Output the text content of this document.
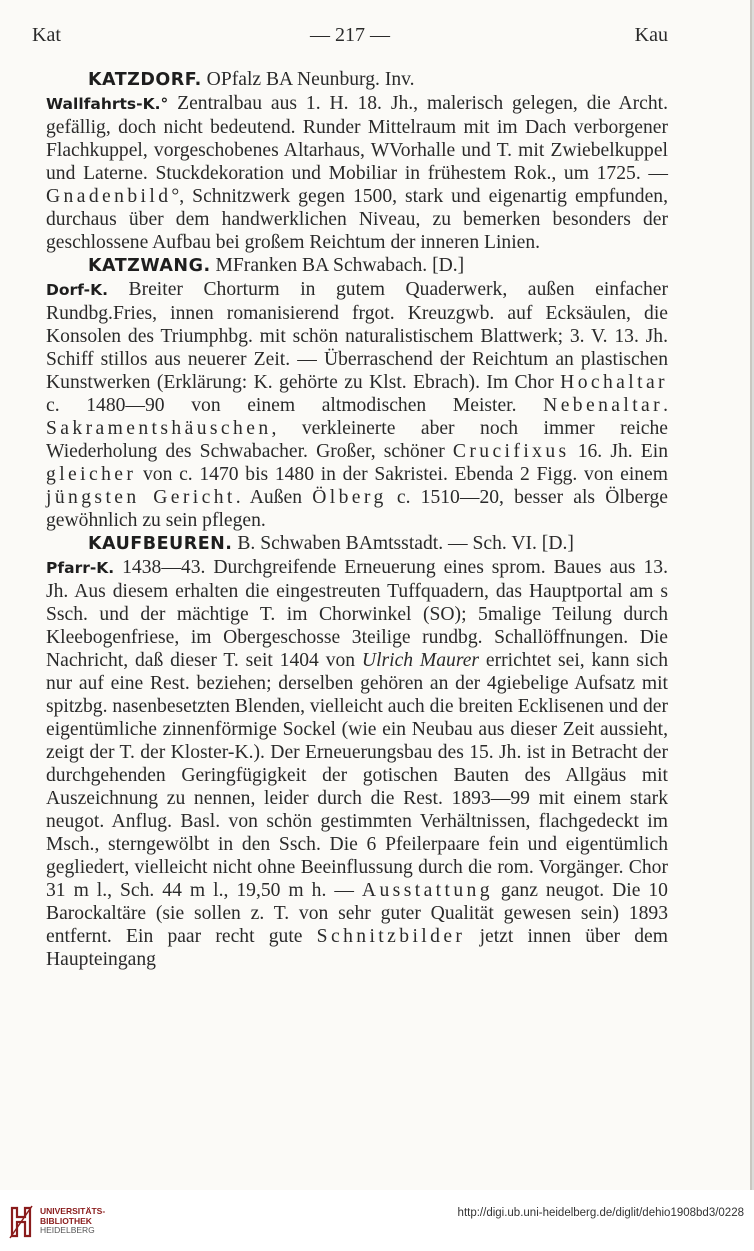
Kat	— 217 —	Kau

KATZDORF. OPfalz BA Neunburg. Inv.

Wallfahrts-K.° Zentralbau aus 1. H. 18. Jh., malerisch gelegen, die Archt. gefällig, doch nicht bedeutend. Runder Mittelraum mit im Dach verborgener Flachkuppel, vorgeschobenes Altarhaus, WVorhalle und T. mit Zwiebelkuppel und Laterne. Stuckdekoration und Mobiliar in frühestem Rok., um 1725. — Gnadenbild°, Schnitzwerk gegen 1500, stark und eigenartig empfunden, durchaus über dem handwerklichen Niveau, zu bemerken besonders der geschlossene Aufbau bei großem Reichtum der inneren Linien.

KATZWANG. MFranken BA Schwabach. [D.]

Dorf-K. Breiter Chorturm in gutem Quaderwerk, außen einfacher Rundbg.Fries, innen romanisierend frgot. Kreuzgwb. auf Ecksäulen, die Konsolen des Triumphbg. mit schön naturalistischem Blattwerk; 3. V. 13. Jh. Schiff stillos aus neuerer Zeit. — Überraschend der Reichtum an plastischen Kunstwerken (Erklärung: K. gehörte zu Klst. Ebrach). Im Chor Hochaltar c. 1480—90 von einem altmodischen Meister. Nebenaltar. Sakramentshäuschen, verkleinerte aber noch immer reiche Wiederholung des Schwabacher. Großer, schöner Crucifixus 16. Jh. Ein gleicher von c. 1470 bis 1480 in der Sakristei. Ebenda 2 Figg. von einem jüngsten Gericht. Außen Ölberg c. 1510—20, besser als Ölberge gewöhnlich zu sein pflegen.

KAUFBEUREN. B. Schwaben BAmtsstadt. — Sch. VI. [D.]

Pfarr-K. 1438—43. Durchgreifende Erneuerung eines sprom. Baues aus 13. Jh. Aus diesem erhalten die eingestreuten Tuffquadern, das Hauptportal am s Ssch. und der mächtige T. im Chorwinkel (SO); 5malige Teilung durch Kleebogenfriese, im Obergeschosse 3teilige rundbg. Schallöffnungen. Die Nachricht, daß dieser T. seit 1404 von Ulrich Maurer errichtet sei, kann sich nur auf eine Rest. beziehen; derselben gehören an der 4giebelige Aufsatz mit spitzbg. nasenbesetzten Blenden, vielleicht auch die breiten Ecklisenen und der eigentümliche zinnenförmige Sockel (wie ein Neubau aus dieser Zeit aussieht, zeigt der T. der Kloster-K.). Der Erneuerungsbau des 15. Jh. ist in Betracht der durchgehenden Geringfügigkeit der gotischen Bauten des Allgäus mit Auszeichnung zu nennen, leider durch die Rest. 1893—99 mit einem stark neugot. Anflug. Basl. von schön gestimmten Verhältnissen, flachgedeckt im Msch., sterngewölbt in den Ssch. Die 6 Pfeilerpaare fein und eigentümlich gegliedert, vielleicht nicht ohne Beeinflussung durch die rom. Vorgänger. Chor 31 m l., Sch. 44 m l., 19,50 m h. — Ausstattung ganz neugot. Die 10 Barockaltäre (sie sollen z. T. von sehr guter Qualität gewesen sein) 1893 entfernt. Ein paar recht gute Schnitzbilder jetzt innen über dem Haupteingang

UNIVERSITÄTS-
BIBLIOTHEK
HEIDELBERG
http://digi.ub.uni-heidelberg.de/diglit/dehio1908bd3/0228
